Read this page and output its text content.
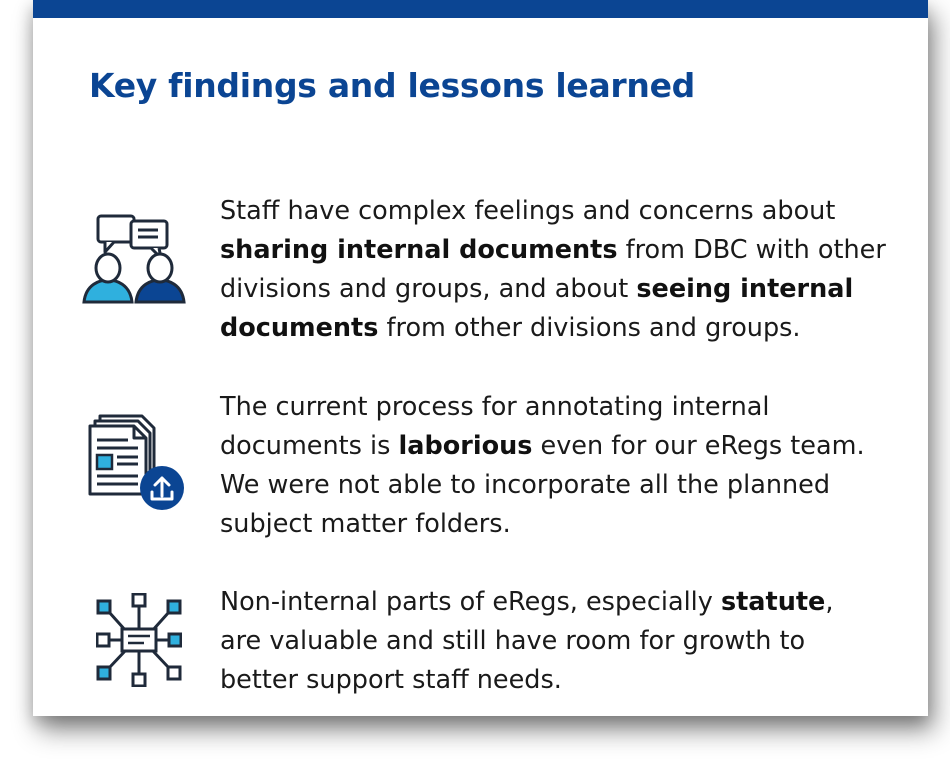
Key findings and lessons learned

Staff have complex feelings and concerns about
sharing internal documents from DBC with other
divisions and groups, and about seeing internal
documents from other divisions and groups.

The current process for annotating internal
documents is laborious even for our eRegs team.
We were not able to incorporate all the planned
subject matter folders.

Non-internal parts of eRegs, especially statute,
are valuable and still have room for growth to
better support staff needs.
